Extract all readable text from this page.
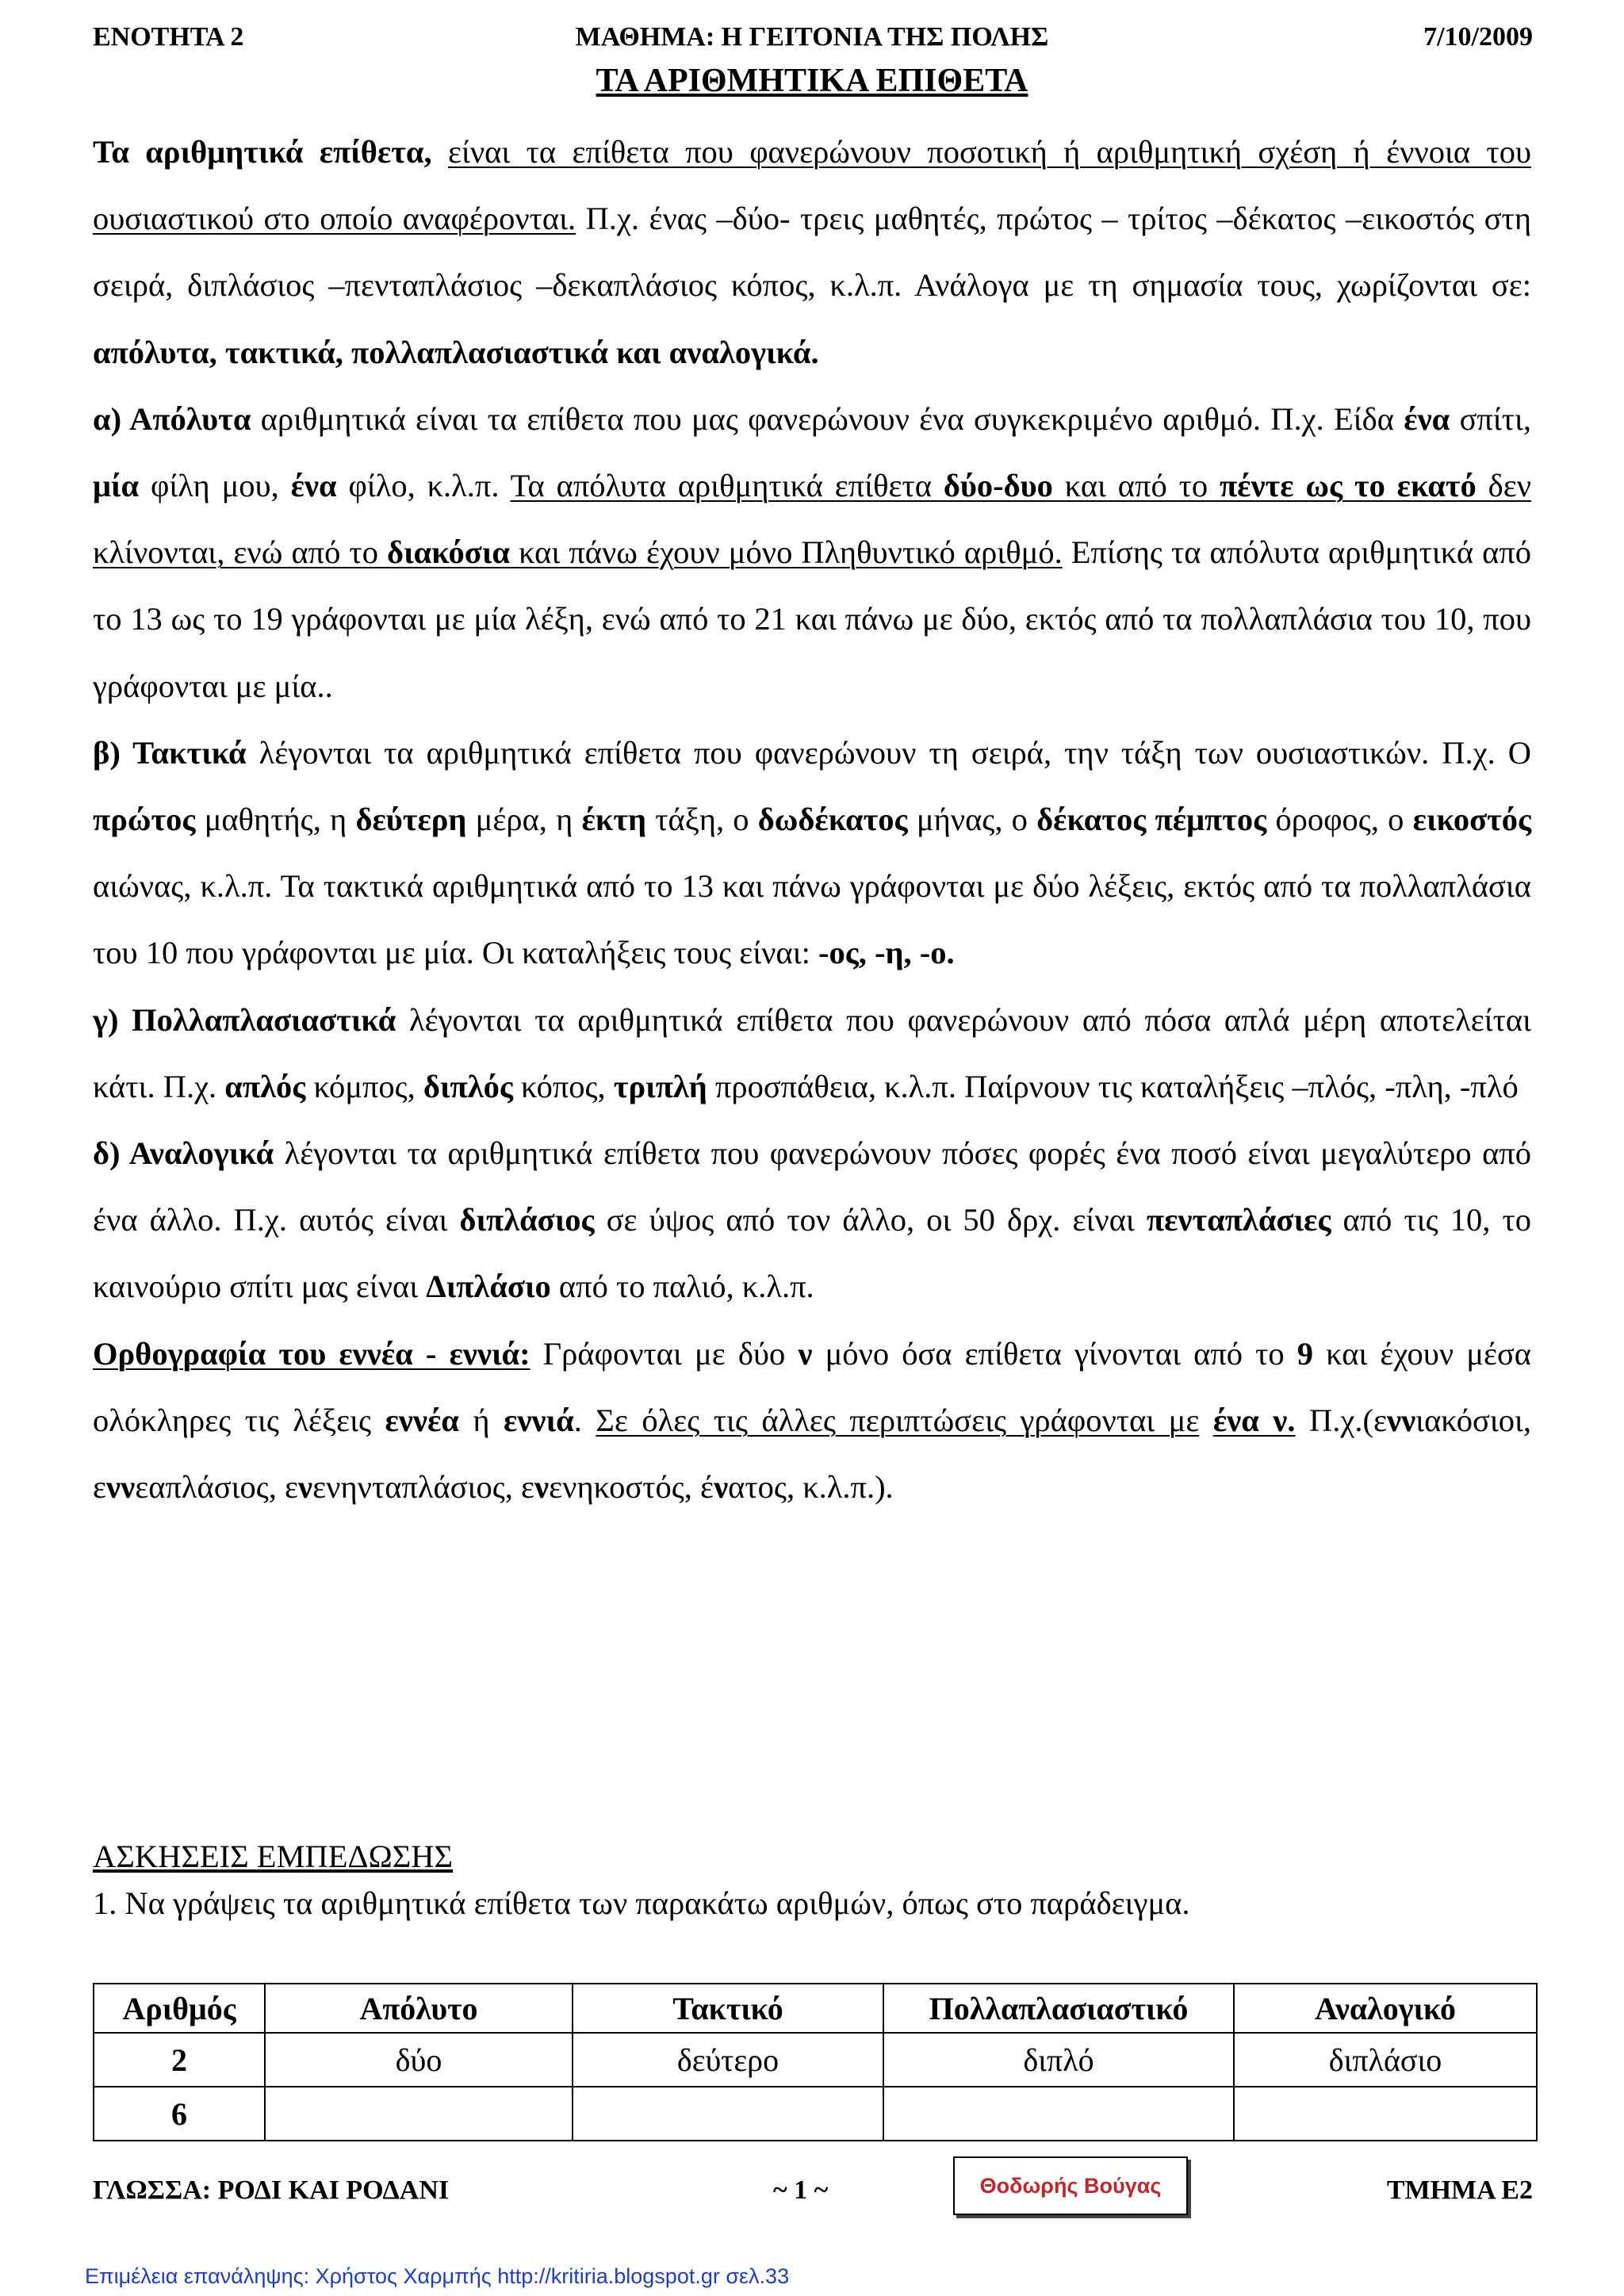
ΕΝΟΤΗΤΑ 2	ΜΑΘΗΜΑ: Η ΓΕΙΤΟΝΙΑ ΤΗΣ ΠΟΛΗΣ	7/10/2009
ΤΑ ΑΡΙΘΜΗΤΙΚΑ ΕΠΙΘΕΤΑ

Τα αριθμητικά επίθετα, είναι τα επίθετα που φανερώνουν ποσοτική ή αριθμητική σχέση ή έννοια του ουσιαστικού στο οποίο αναφέρονται. Π.χ. ένας –δύο- τρεις μαθητές, πρώτος – τρίτος –δέκατος –εικοστός στη σειρά, διπλάσιος –πενταπλάσιος –δεκαπλάσιος κόπος, κ.λ.π. Ανάλογα με τη σημασία τους, χωρίζονται σε: απόλυτα, τακτικά, πολλαπλασιαστικά και αναλογικά.

α) Απόλυτα αριθμητικά είναι τα επίθετα που μας φανερώνουν ένα συγκεκριμένο αριθμό. Π.χ. Είδα ένα σπίτι, μία φίλη μου, ένα φίλο, κ.λ.π. Τα απόλυτα αριθμητικά επίθετα δύο-δυο και από το πέντε ως το εκατό δεν κλίνονται, ενώ από το διακόσια και πάνω έχουν μόνο Πληθυντικό αριθμό. Επίσης τα απόλυτα αριθμητικά από το 13 ως το 19 γράφονται με μία λέξη, ενώ από το 21 και πάνω με δύο, εκτός από τα πολλαπλάσια του 10, που γράφονται με μία..

β) Τακτικά λέγονται τα αριθμητικά επίθετα που φανερώνουν τη σειρά, την τάξη των ουσιαστικών. Π.χ. Ο πρώτος μαθητής, η δεύτερη μέρα, η έκτη τάξη, ο δωδέκατος μήνας, ο δέκατος πέμπτος όροφος, ο εικοστός αιώνας, κ.λ.π. Τα τακτικά αριθμητικά από το 13 και πάνω γράφονται με δύο λέξεις, εκτός από τα πολλαπλάσια του 10 που γράφονται με μία. Οι καταλήξεις τους είναι: -ος, -η, -ο.

γ) Πολλαπλασιαστικά λέγονται τα αριθμητικά επίθετα που φανερώνουν από πόσα απλά μέρη αποτελείται κάτι. Π.χ. απλός κόμπος, διπλός κόπος, τριπλή προσπάθεια, κ.λ.π. Παίρνουν τις καταλήξεις –πλός, -πλη, -πλό

δ) Αναλογικά λέγονται τα αριθμητικά επίθετα που φανερώνουν πόσες φορές ένα ποσό είναι μεγαλύτερο από ένα άλλο. Π.χ. αυτός είναι διπλάσιος σε ύψος από τον άλλο, οι 50 δρχ. είναι πενταπλάσιες από τις 10, το καινούριο σπίτι μας είναι Διπλάσιο από το παλιό, κ.λ.π.

Ορθογραφία του εννέα - εννιά: Γράφονται με δύο ν μόνο όσα επίθετα γίνονται από το 9 και έχουν μέσα ολόκληρες τις λέξεις εννέα ή εννιά. Σε όλες τις άλλες περιπτώσεις γράφονται με ένα ν. Π.χ.(εννιακόσιοι, εννεαπλάσιος, ενενηνταπλάσιος, ενενηκοστός, ένατος, κ.λ.π.).

ΑΣΚΗΣΕΙΣ ΕΜΠΕΔΩΣΗΣ
1. Να γράψεις τα αριθμητικά επίθετα των παρακάτω αριθμών, όπως στο παράδειγμα.
Αριθμός	Απόλυτο	Τακτικό	Πολλαπλασιαστικό	Αναλογικό
2	δύο	δεύτερο	διπλό	διπλάσιο
6				
ΓΛΩΣΣΑ: ΡΟΔΙ ΚΑΙ ΡΟΔΑΝΙ	~ 1 ~	Θοδωρής Βούγας	ΤΜΗΜΑ Ε2
Επιμέλεια επανάληψης: Χρήστος Χαρμπής http://kritiria.blogspot.gr σελ.33
